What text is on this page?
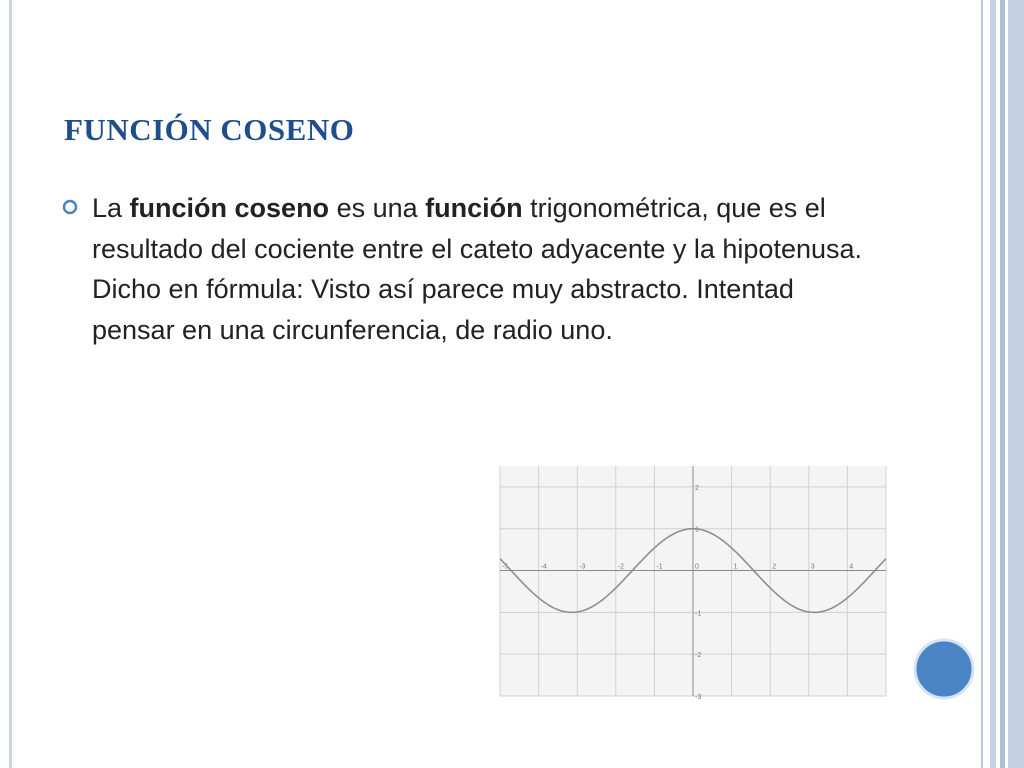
FUNCIÓN COSENO

La función coseno es una función trigonométrica, que es el resultado del cociente entre el cateto adyacente y la hipotenusa. Dicho en fórmula: Visto así parece muy abstracto. Intentad pensar en una circunferencia, de radio uno.

-5	-4	-3	-2	-1	0	1	2	3	4
2
1
-1
-2
-3
